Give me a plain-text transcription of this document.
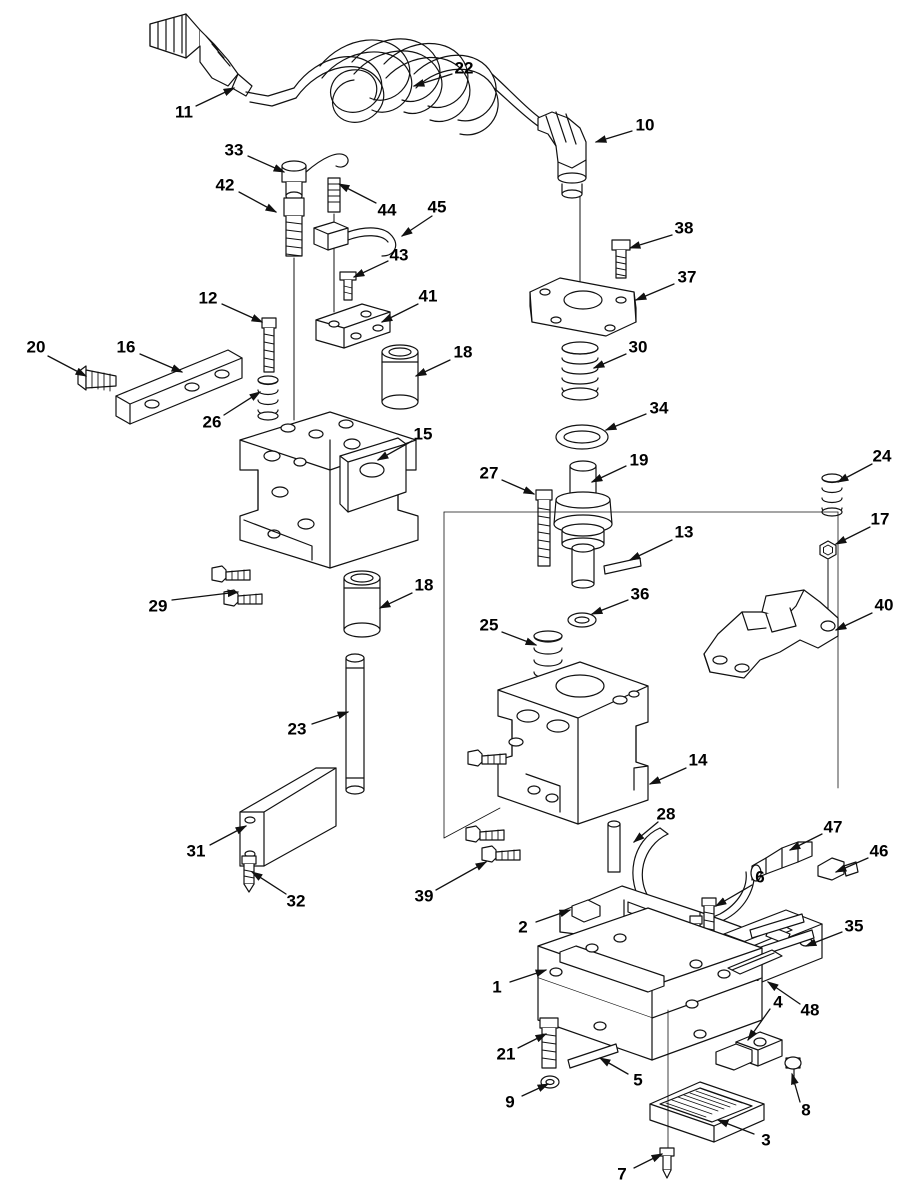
22
11
10
33
42
44 45
43
38
37
12	41
16
20	18	30
26
34
15
19	24
27
17
13
36
18
29
25
40
23
14
31
28
47
46
32
6
39
2	35
1
4 48
21
5
9	8
3
7
